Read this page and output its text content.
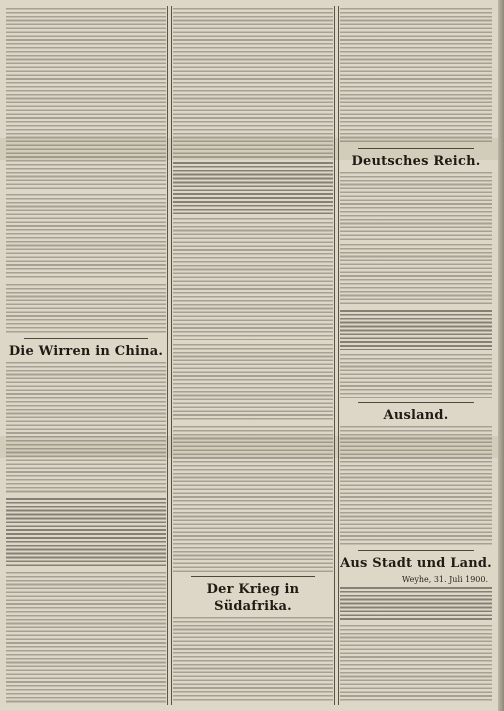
Die Wirren in China.
Der Krieg in Südafrika.
Deutsches Reich.
Ausland.
Aus Stadt und Land.
Weyhe, 31. Juli 1900.
